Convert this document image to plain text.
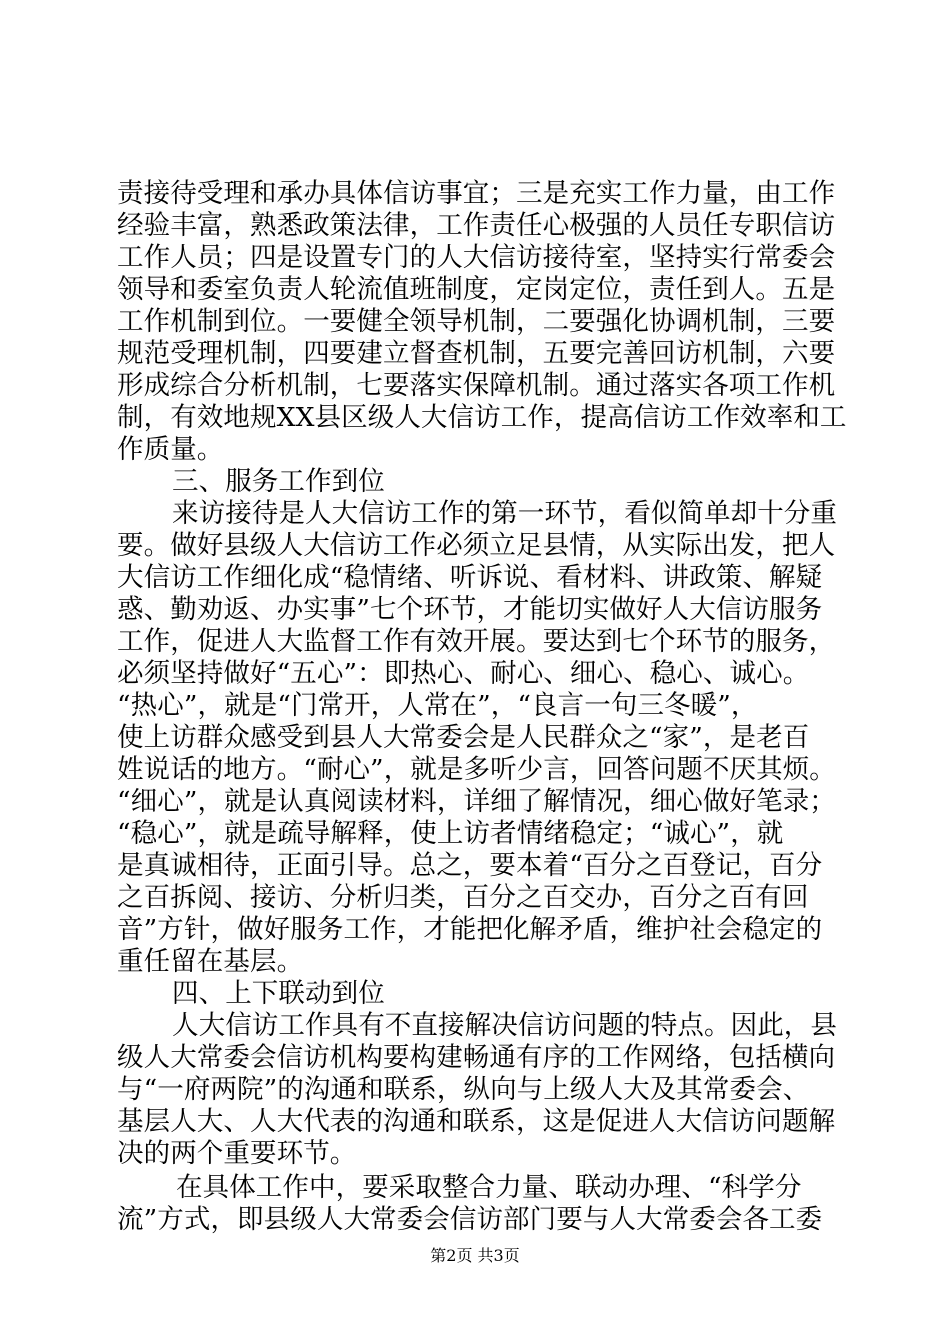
责接待受理和承办具体信访事宜；三是充实工作力量，由工作
经验丰富，熟悉政策法律，工作责任心极强的人员任专职信访
工作人员；四是设置专门的人大信访接待室，坚持实行常委会
领导和委室负责人轮流值班制度，定岗定位，责任到人。五是
工作机制到位。一要健全领导机制，二要强化协调机制，三要
规范受理机制，四要建立督查机制，五要完善回访机制，六要
形成综合分析机制，七要落实保障机制。通过落实各项工作机
制，有效地规XX县区级人大信访工作，提高信访工作效率和工
作质量。
三、服务工作到位
来访接待是人大信访工作的第一环节，看似简单却十分重
要。做好县级人大信访工作必须立足县情，从实际出发，把人
大信访工作细化成“稳情绪、听诉说、看材料、讲政策、解疑
惑、勤劝返、办实事”七个环节，才能切实做好人大信访服务
工作，促进人大监督工作有效开展。要达到七个环节的服务，
必须坚持做好“五心”：即热心、耐心、细心、稳心、诚心。
“热心”，就是“门常开，人常在”，“良言一句三冬暖”，
使上访群众感受到县人大常委会是人民群众之“家”，是老百
姓说话的地方。“耐心”，就是多听少言，回答问题不厌其烦。
“细心”，就是认真阅读材料，详细了解情况，细心做好笔录；
“稳心”，就是疏导解释，使上访者情绪稳定；“诚心”，就
是真诚相待，正面引导。总之，要本着“百分之百登记，百分
之百拆阅、接访、分析归类，百分之百交办，百分之百有回
音”方针，做好服务工作，才能把化解矛盾，维护社会稳定的
重任留在基层。
四、上下联动到位
人大信访工作具有不直接解决信访问题的特点。因此，县
级人大常委会信访机构要构建畅通有序的工作网络，包括横向
与“一府两院”的沟通和联系，纵向与上级人大及其常委会、
基层人大、人大代表的沟通和联系，这是促进人大信访问题解
决的两个重要环节。
在具体工作中，要采取整合力量、联动办理、“科学分
流”方式，即县级人大常委会信访部门要与人大常委会各工委
第2页 共3页
